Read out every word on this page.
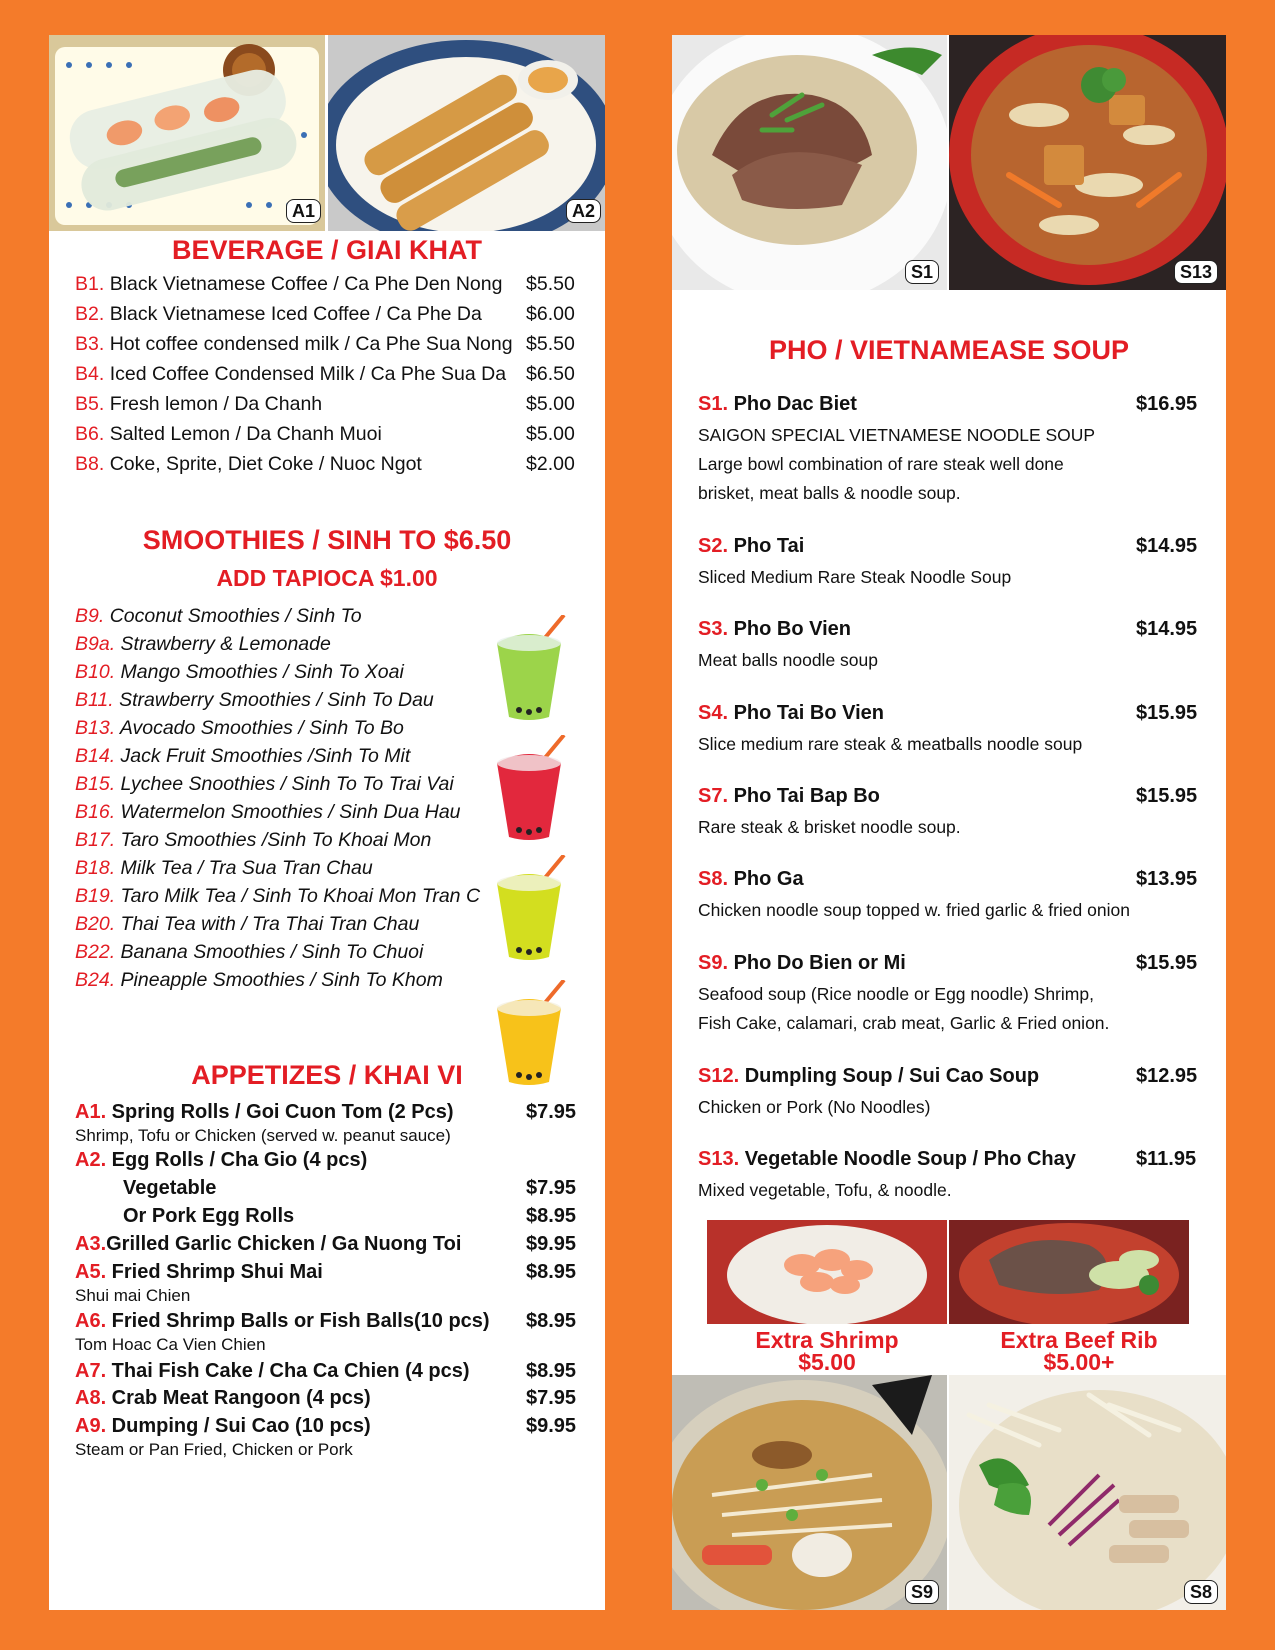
A1	A2
BEVERAGE / GIAI KHAT
B1. Black Vietnamese Coffee / Ca Phe Den Nong $5.50
B2. Black Vietnamese Iced Coffee / Ca Phe Da $6.00
B3. Hot coffee condensed milk / Ca Phe Sua Nong $5.50
B4. Iced Coffee Condensed Milk / Ca Phe Sua Da $6.50
B5. Fresh lemon / Da Chanh	$5.00
B6. Salted Lemon / Da Chanh Muoi	$5.00
B8. Coke, Sprite, Diet Coke / Nuoc Ngot	$2.00
SMOOTHIES / SINH TO $6.50
ADD TAPIOCA $1.00
B9. Coconut Smoothies / Sinh To
B9a. Strawberry & Lemonade
B10. Mango Smoothies / Sinh To Xoai
B11. Strawberry Smoothies / Sinh To Dau
B13. Avocado Smoothies / Sinh To Bo
B14. Jack Fruit Smoothies /Sinh To Mit
B15. Lychee Snoothies / Sinh To To Trai Vai
B16. Watermelon Smoothies / Sinh Dua Hau
B17. Taro Smoothies /Sinh To Khoai Mon
B18. Milk Tea / Tra Sua Tran Chau
B19. Taro Milk Tea / Sinh To Khoai Mon Tran C
B20. Thai Tea with / Tra Thai Tran Chau
B22. Banana Smoothies / Sinh To Chuoi
B24. Pineapple Smoothies / Sinh To Khom
APPETIZES / KHAI VI
A1. Spring Rolls / Goi Cuon Tom (2 Pcs)	$7.95
Shrimp, Tofu or Chicken (served w. peanut sauce)
A2. Egg Rolls / Cha Gio (4 pcs)
Vegetable	$7.95
Or Pork Egg Rolls	$8.95
A3.Grilled Garlic Chicken / Ga Nuong Toi	$9.95
A5. Fried Shrimp Shui Mai	$8.95
Shui mai Chien
A6. Fried Shrimp Balls or Fish Balls(10 pcs) $8.95
Tom Hoac Ca Vien Chien
A7. Thai Fish Cake / Cha Ca Chien (4 pcs)	$8.95
A8. Crab Meat Rangoon (4 pcs)	$7.95
A9. Dumping / Sui Cao (10 pcs)	$9.95
Steam or Pan Fried, Chicken or Pork
S1	S13
PHO / VIETNAMEASE SOUP
S1. Pho Dac Biet	$16.95
SAIGON SPECIAL VIETNAMESE NOODLE SOUP
Large bowl combination of rare steak well done
brisket, meat balls & noodle soup.
S2. Pho Tai	$14.95
Sliced Medium Rare Steak Noodle Soup
S3. Pho Bo Vien	$14.95
Meat balls noodle soup
S4. Pho Tai Bo Vien	$15.95
Slice medium rare steak & meatballs noodle soup
S7. Pho Tai Bap Bo	$15.95
Rare steak & brisket noodle soup.
S8. Pho Ga	$13.95
Chicken noodle soup topped w. fried garlic & fried onion
S9. Pho Do Bien or Mi	$15.95
Seafood soup (Rice noodle or Egg noodle) Shrimp,
Fish Cake, calamari, crab meat, Garlic & Fried onion.
S12. Dumpling Soup / Sui Cao Soup	$12.95
Chicken or Pork (No Noodles)
S13. Vegetable Noodle Soup / Pho Chay	$11.95
Mixed vegetable, Tofu, & noodle.
Extra Shrimp
$5.00
Extra Beef Rib
$5.00+
S9	S8
